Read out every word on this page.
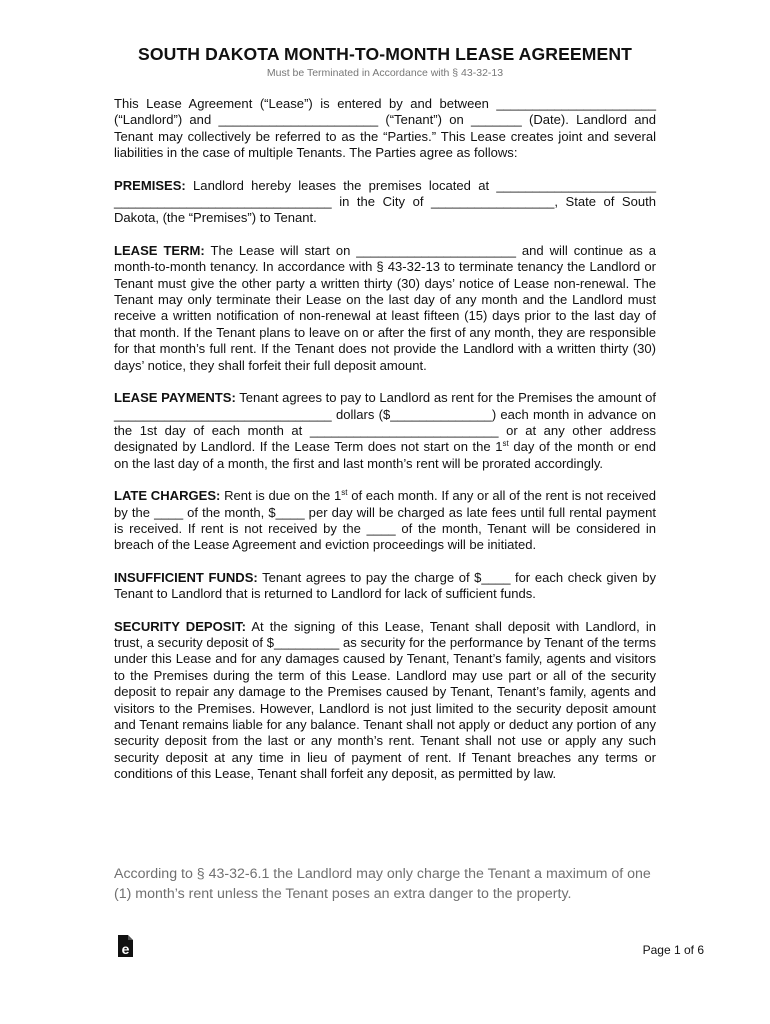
SOUTH DAKOTA MONTH-TO-MONTH LEASE AGREEMENT
Must be Terminated in Accordance with § 43-32-13

This Lease Agreement (“Lease”) is entered by and between ______________________ (“Landlord”) and ______________________ (“Tenant”) on _______ (Date). Landlord and Tenant may collectively be referred to as the “Parties.” This Lease creates joint and several liabilities in the case of multiple Tenants. The Parties agree as follows:

PREMISES: Landlord hereby leases the premises located at ______________________ ______________________________ in the City of _________________, State of South Dakota, (the “Premises”) to Tenant.

LEASE TERM: The Lease will start on ______________________ and will continue as a month-to-month tenancy. In accordance with § 43-32-13 to terminate tenancy the Landlord or Tenant must give the other party a written thirty (30) days’ notice of Lease non-renewal. The Tenant may only terminate their Lease on the last day of any month and the Landlord must receive a written notification of non-renewal at least fifteen (15) days prior to the last day of that month. If the Tenant plans to leave on or after the first of any month, they are responsible for that month’s full rent. If the Tenant does not provide the Landlord with a written thirty (30) days’ notice, they shall forfeit their full deposit amount.

LEASE PAYMENTS: Tenant agrees to pay to Landlord as rent for the Premises the amount of ______________________________ dollars ($______________) each month in advance on the 1st day of each month at __________________________ or at any other address designated by Landlord. If the Lease Term does not start on the 1st day of the month or end on the last day of a month, the first and last month’s rent will be prorated accordingly.

LATE CHARGES: Rent is due on the 1st of each month. If any or all of the rent is not received by the ____ of the month, $____ per day will be charged as late fees until full rental payment is received. If rent is not received by the ____ of the month, Tenant will be considered in breach of the Lease Agreement and eviction proceedings will be initiated.

INSUFFICIENT FUNDS: Tenant agrees to pay the charge of $____ for each check given by Tenant to Landlord that is returned to Landlord for lack of sufficient funds.

SECURITY DEPOSIT: At the signing of this Lease, Tenant shall deposit with Landlord, in trust, a security deposit of $_________ as security for the performance by Tenant of the terms under this Lease and for any damages caused by Tenant, Tenant’s family, agents and visitors to the Premises during the term of this Lease. Landlord may use part or all of the security deposit to repair any damage to the Premises caused by Tenant, Tenant’s family, agents and visitors to the Premises. However, Landlord is not just limited to the security deposit amount and Tenant remains liable for any balance. Tenant shall not apply or deduct any portion of any security deposit from the last or any month’s rent. Tenant shall not use or apply any such security deposit at any time in lieu of payment of rent. If Tenant breaches any terms or conditions of this Lease, Tenant shall forfeit any deposit, as permitted by law.

According to § 43-32-6.1 the Landlord may only charge the Tenant a maximum of one (1) month’s rent unless the Tenant poses an extra danger to the property.
e	Page 1 of 6
